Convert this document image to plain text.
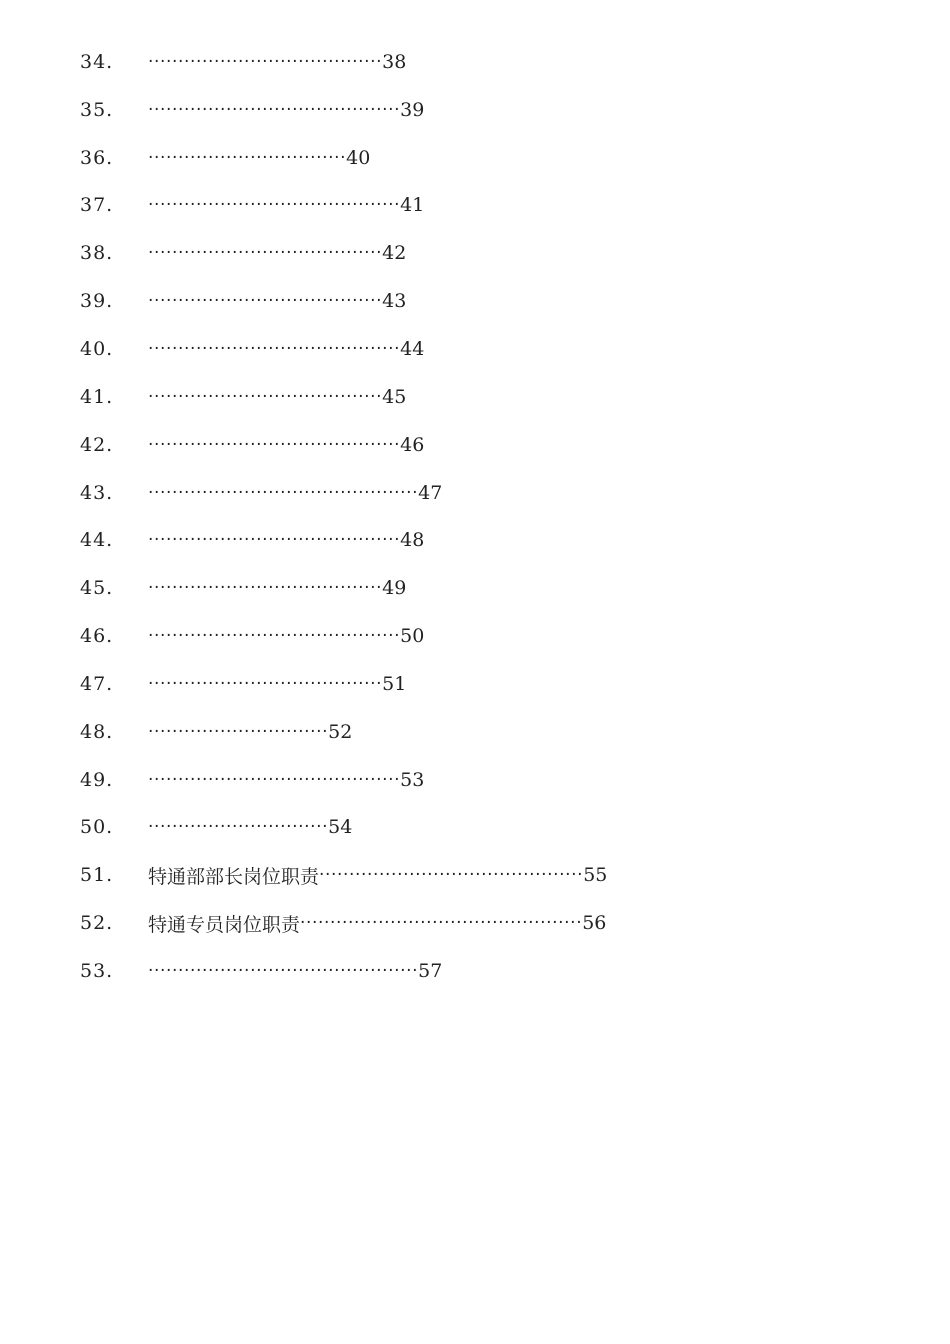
34.	······································· 38
35.	·········································· 39
36.	································· 40
37.	·········································· 41
38.	······································· 42
39.	······································· 43
40.	·········································· 44
41.	······································· 45
42.	·········································· 46
43.	············································· 47
44.	·········································· 48
45.	······································· 49
46.	·········································· 50
47.	······································· 51
48.	······························ 52
49.	·········································· 53
50.	······························ 54
51.	特通部部长岗位职责 ············································ 55
52.	特通专员岗位职责 ··············································· 56
53.	············································· 57
